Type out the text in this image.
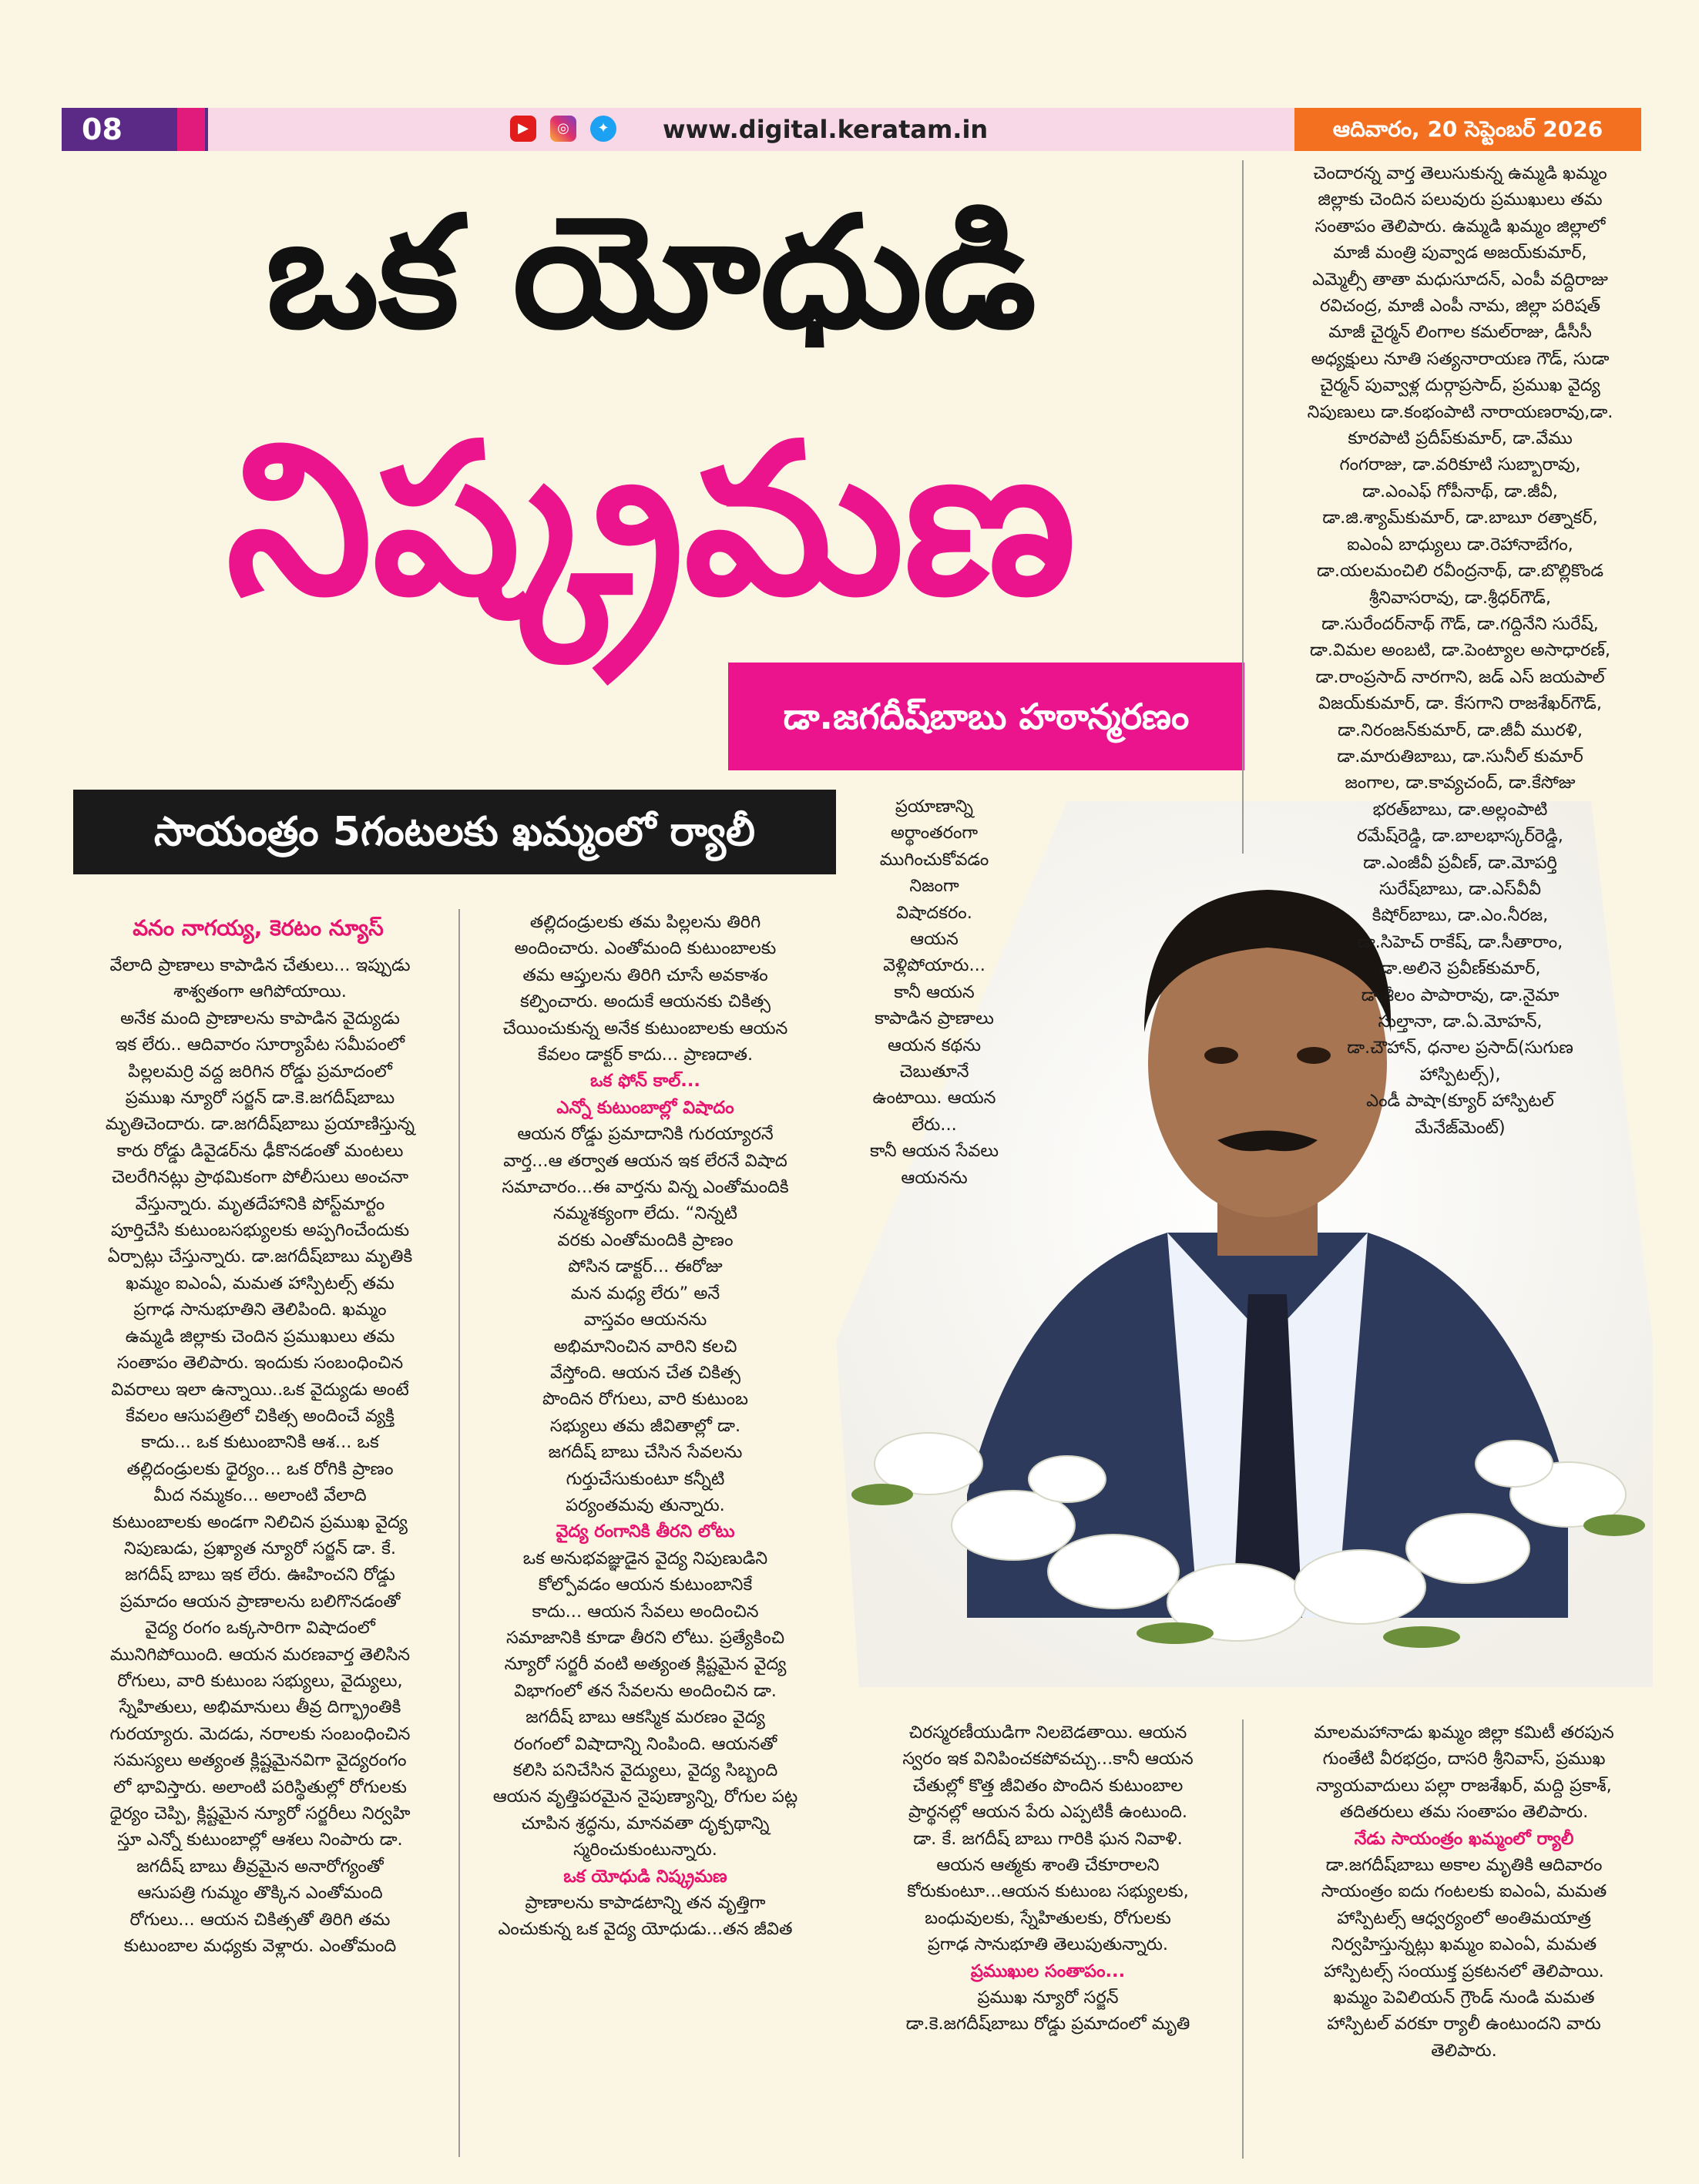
08	▶	◎	✦ www.digital.keratam.in	ఆదివారం, 20 సెప్టెంబర్ 2026
ఒక యోధుడి
నిష్క్రమణ
డా.జగదీష్‌బాబు హఠాన్మరణం
సాయంత్రం 5గంటలకు ఖమ్మంలో ర్యాలీ
వనం నాగయ్య, కెరటం న్యూస్

వేలాది ప్రాణాలు కాపాడిన చేతులు... ఇప్పుడు

శాశ్వతంగా ఆగిపోయాయి.

అనేక మంది ప్రాణాలను కాపాడిన వైద్యుడు

ఇక లేరు.. ఆదివారం సూర్యాపేట సమీపంలో

పిల్లలమర్రి వద్ద జరిగిన రోడ్డు ప్రమాదంలో

ప్రముఖ న్యూరో సర్జన్ డా.కె.జగదీష్‌బాబు

మృతిచెందారు. డా.జగదీష్‌బాబు ప్రయాణిస్తున్న

కారు రోడ్డు డివైడర్‌ను ఢీకొనడంతో మంటలు

చెలరేగినట్లు ప్రాథమికంగా పోలీసులు అంచనా

వేస్తున్నారు. మృతదేహానికి పోస్ట్‌మార్టం

పూర్తిచేసి కుటుంబసభ్యులకు అప్పగించేందుకు

ఏర్పాట్లు చేస్తున్నారు. డా.జగదీష్‌బాబు మృతికి

ఖమ్మం ఐఎంఏ, మమత హాస్పిటల్స్ తమ

ప్రగాఢ సానుభూతిని తెలిపింది. ఖమ్మం

ఉమ్మడి జిల్లాకు చెందిన ప్రముఖులు తమ

సంతాపం తెలిపారు. ఇందుకు సంబంధించిన

వివరాలు ఇలా ఉన్నాయి..ఒక వైద్యుడు అంటే

కేవలం ఆసుపత్రిలో చికిత్స అందించే వ్యక్తి

కాదు... ఒక కుటుంబానికి ఆశ... ఒక

తల్లిదండ్రులకు ధైర్యం... ఒక రోగికి ప్రాణం

మీద నమ్మకం... అలాంటి వేలాది

కుటుంబాలకు అండగా నిలిచిన ప్రముఖ వైద్య

నిపుణుడు, ప్రఖ్యాత న్యూరో సర్జన్ డా. కే.

జగదీష్ బాబు ఇక లేరు. ఊహించని రోడ్డు

ప్రమాదం ఆయన ప్రాణాలను బలిగొనడంతో

వైద్య రంగం ఒక్కసారిగా విషాదంలో

మునిగిపోయింది. ఆయన మరణవార్త తెలిసిన

రోగులు, వారి కుటుంబ సభ్యులు, వైద్యులు,

స్నేహితులు, అభిమానులు తీవ్ర దిగ్భ్రాంతికి

గురయ్యారు. మెదడు, నరాలకు సంబంధించిన

సమస్యలు అత్యంత క్లిష్టమైనవిగా వైద్యరంగం

లో భావిస్తారు. అలాంటి పరిస్థితుల్లో రోగులకు

ధైర్యం చెప్పి, క్లిష్టమైన న్యూరో సర్జరీలు నిర్వహి

స్తూ ఎన్నో కుటుంబాల్లో ఆశలు నింపారు డా.

జగదీష్ బాబు తీవ్రమైన అనారోగ్యంతో

ఆసుపత్రి గుమ్మం తొక్కిన ఎంతోమంది

రోగులు... ఆయన చికిత్సతో తిరిగి తమ

కుటుంబాల మధ్యకు వెళ్లారు. ఎంతోమంది

తల్లిదండ్రులకు తమ పిల్లలను తిరిగి

అందించారు. ఎంతోమంది కుటుంబాలకు

తమ ఆప్తులను తిరిగి చూసే అవకాశం

కల్పించారు. అందుకే ఆయనకు చికిత్స

చేయించుకున్న అనేక కుటుంబాలకు ఆయన

కేవలం డాక్టర్ కాదు... ప్రాణదాత.

ఒక ఫోన్ కాల్...

ఎన్నో కుటుంబాల్లో విషాదం

ఆయన రోడ్డు ప్రమాదానికి గురయ్యారనే

వార్త...ఆ తర్వాత ఆయన ఇక లేరనే విషాద

సమాచారం...ఈ వార్తను విన్న ఎంతోమందికి

నమ్మశక్యంగా లేదు. “నిన్నటి

వరకు ఎంతోమందికి ప్రాణం

పోసిన డాక్టర్... ఈరోజు

మన మధ్య లేరు” అనే

వాస్తవం ఆయనను

అభిమానించిన వారిని కలచి

వేస్తోంది. ఆయన చేత చికిత్స

పొందిన రోగులు, వారి కుటుంబ

సభ్యులు తమ జీవితాల్లో డా.

జగదీష్ బాబు చేసిన సేవలను

గుర్తుచేసుకుంటూ కన్నీటి

పర్యంతమవు తున్నారు.

వైద్య రంగానికి తీరని లోటు

ఒక అనుభవజ్ఞుడైన వైద్య నిపుణుడిని

కోల్పోవడం ఆయన కుటుంబానికే

కాదు... ఆయన సేవలు అందించిన

సమాజానికి కూడా తీరని లోటు. ప్రత్యేకించి

న్యూరో సర్జరీ వంటి అత్యంత క్లిష్టమైన వైద్య

విభాగంలో తన సేవలను అందించిన డా.

జగదీష్ బాబు ఆకస్మిక మరణం వైద్య

రంగంలో విషాదాన్ని నింపింది. ఆయనతో

కలిసి పనిచేసిన వైద్యులు, వైద్య సిబ్బంది

ఆయన వృత్తిపరమైన నైపుణ్యాన్ని, రోగుల పట్ల

చూపిన శ్రద్ధను, మానవతా దృక్పథాన్ని

స్మరించుకుంటున్నారు.

ఒక యోధుడి నిష్క్రమణ

ప్రాణాలను కాపాడటాన్ని తన వృత్తిగా

ఎంచుకున్న ఒక వైద్య యోధుడు...తన జీవిత

ప్రయాణాన్ని

అర్థాంతరంగా

ముగించుకోవడం

నిజంగా

విషాదకరం.

ఆయన

వెళ్లిపోయారు...

కానీ ఆయన

కాపాడిన ప్రాణాలు

ఆయన కథను

చెబుతూనే

ఉంటాయి. ఆయన

లేరు...

కానీ ఆయన సేవలు

ఆయనను

చెందారన్న వార్త తెలుసుకున్న ఉమ్మడి ఖమ్మం

జిల్లాకు చెందిన పలువురు ప్రముఖులు తమ

సంతాపం తెలిపారు. ఉమ్మడి ఖమ్మం జిల్లాలో

మాజీ మంత్రి పువ్వాడ అజయ్‌కుమార్,

ఎమ్మెల్సీ తాతా మధుసూదన్, ఎంపీ వద్దిరాజు

రవిచంద్ర, మాజీ ఎంపీ నామ, జిల్లా పరిషత్

మాజీ చైర్మన్ లింగాల కమల్‌రాజు, డీసీసీ

అధ్యక్షులు నూతి సత్యనారాయణ గౌడ్, సుడా

చైర్మన్ పువ్వాళ్ల దుర్గాప్రసాద్, ప్రముఖ వైద్య

నిపుణులు డా.కంభంపాటి నారాయణరావు,డా.

కూరపాటి ప్రదీప్‌కుమార్, డా.వేము

గంగరాజు, డా.వరికూటి సుబ్బారావు,

డా.ఎంఎఫ్ గోపీనాథ్, డా.జీవీ,

డా.జి.శ్యామ్‌కుమార్, డా.బాబూ రత్నాకర్,

ఐఎంఏ బాధ్యులు డా.రెహానాబేగం,

డా.యలమంచిలి రవీంద్రనాథ్, డా.బొల్లికొండ

శ్రీనివాసరావు, డా.శ్రీధర్‌గౌడ్,

డా.సురేందర్‌నాథ్ గౌడ్, డా.గద్దినేని సురేష్,

డా.విమల అంబటి, డా.పెంట్యాల అసాధారణ్,

డా.రాంప్రసాద్ నారగాని, జడ్ ఎస్ జయపాల్

విజయ్‌కుమార్, డా. కేసగాని రాజశేఖర్‌గౌడ్,

డా.నిరంజన్‌కుమార్, డా.జీవీ మురళి,

డా.మారుతిబాబు, డా.సునీల్ కుమార్

జంగాల, డా.కావ్యచంద్, డా.కేసోజు

భరత్‌బాబు, డా.అల్లంపాటి

రమేష్‌రెడ్డి, డా.బాలభాస్కర్‌రెడ్డి,

డా.ఎంజీవీ ప్రవీణ్, డా.మోపర్తి

సురేష్‌బాబు, డా.ఎస్‌వీవీ

కిషోర్‌బాబు, డా.ఎం.నీరజ,

డా.సిహెచ్ రాకేష్, డా.సీతారాం,

డా.అలినె ప్రవీణ్‌కుమార్,

డా.శీలం పాపారావు, డా.నైమా

సుల్తానా, డా.ఏ.మోహన్,

డా.చౌహాన్, ధనాల ప్రసాద్(సుగుణ

హాస్పిటల్స్),

ఎండీ పాషా(క్యూర్ హాస్పిటల్

మేనేజ్‌మెంట్)

చిరస్మరణీయుడిగా నిలబెడతాయి. ఆయన

స్వరం ఇక వినిపించకపోవచ్చు...కానీ ఆయన

చేతుల్లో కొత్త జీవితం పొందిన కుటుంబాల

ప్రార్థనల్లో ఆయన పేరు ఎప్పటికీ ఉంటుంది.

డా. కే. జగదీష్ బాబు గారికి ఘన నివాళి.

ఆయన ఆత్మకు శాంతి చేకూరాలని

కోరుకుంటూ...ఆయన కుటుంబ సభ్యులకు,

బంధువులకు, స్నేహితులకు, రోగులకు

ప్రగాఢ సానుభూతి తెలుపుతున్నారు.

ప్రముఖుల సంతాపం...

ప్రముఖ న్యూరో సర్జన్

డా.కె.జగదీష్‌బాబు రోడ్డు ప్రమాదంలో మృతి

మాలమహానాడు ఖమ్మం జిల్లా కమిటీ తరపున

గుంతేటి వీరభద్రం, దాసరి శ్రీనివాస్, ప్రముఖ

న్యాయవాదులు పల్లా రాజశేఖర్, మద్ది ప్రకాశ్,

తదితరులు తమ సంతాపం తెలిపారు.

నేడు సాయంత్రం ఖమ్మంలో ర్యాలీ

డా.జగదీష్‌బాబు అకాల మృతికి ఆదివారం

సాయంత్రం ఐదు గంటలకు ఐఎంఏ, మమత

హాస్పిటల్స్ ఆధ్వర్యంలో అంతిమయాత్ర

నిర్వహిస్తున్నట్లు ఖమ్మం ఐఎంఏ, మమత

హాస్పిటల్స్ సంయుక్త ప్రకటనలో తెలిపాయి.

ఖమ్మం పెవిలియన్ గ్రౌండ్ నుండి మమత

హాస్పిటల్ వరకూ ర్యాలీ ఉంటుందని వారు

తెలిపారు.
